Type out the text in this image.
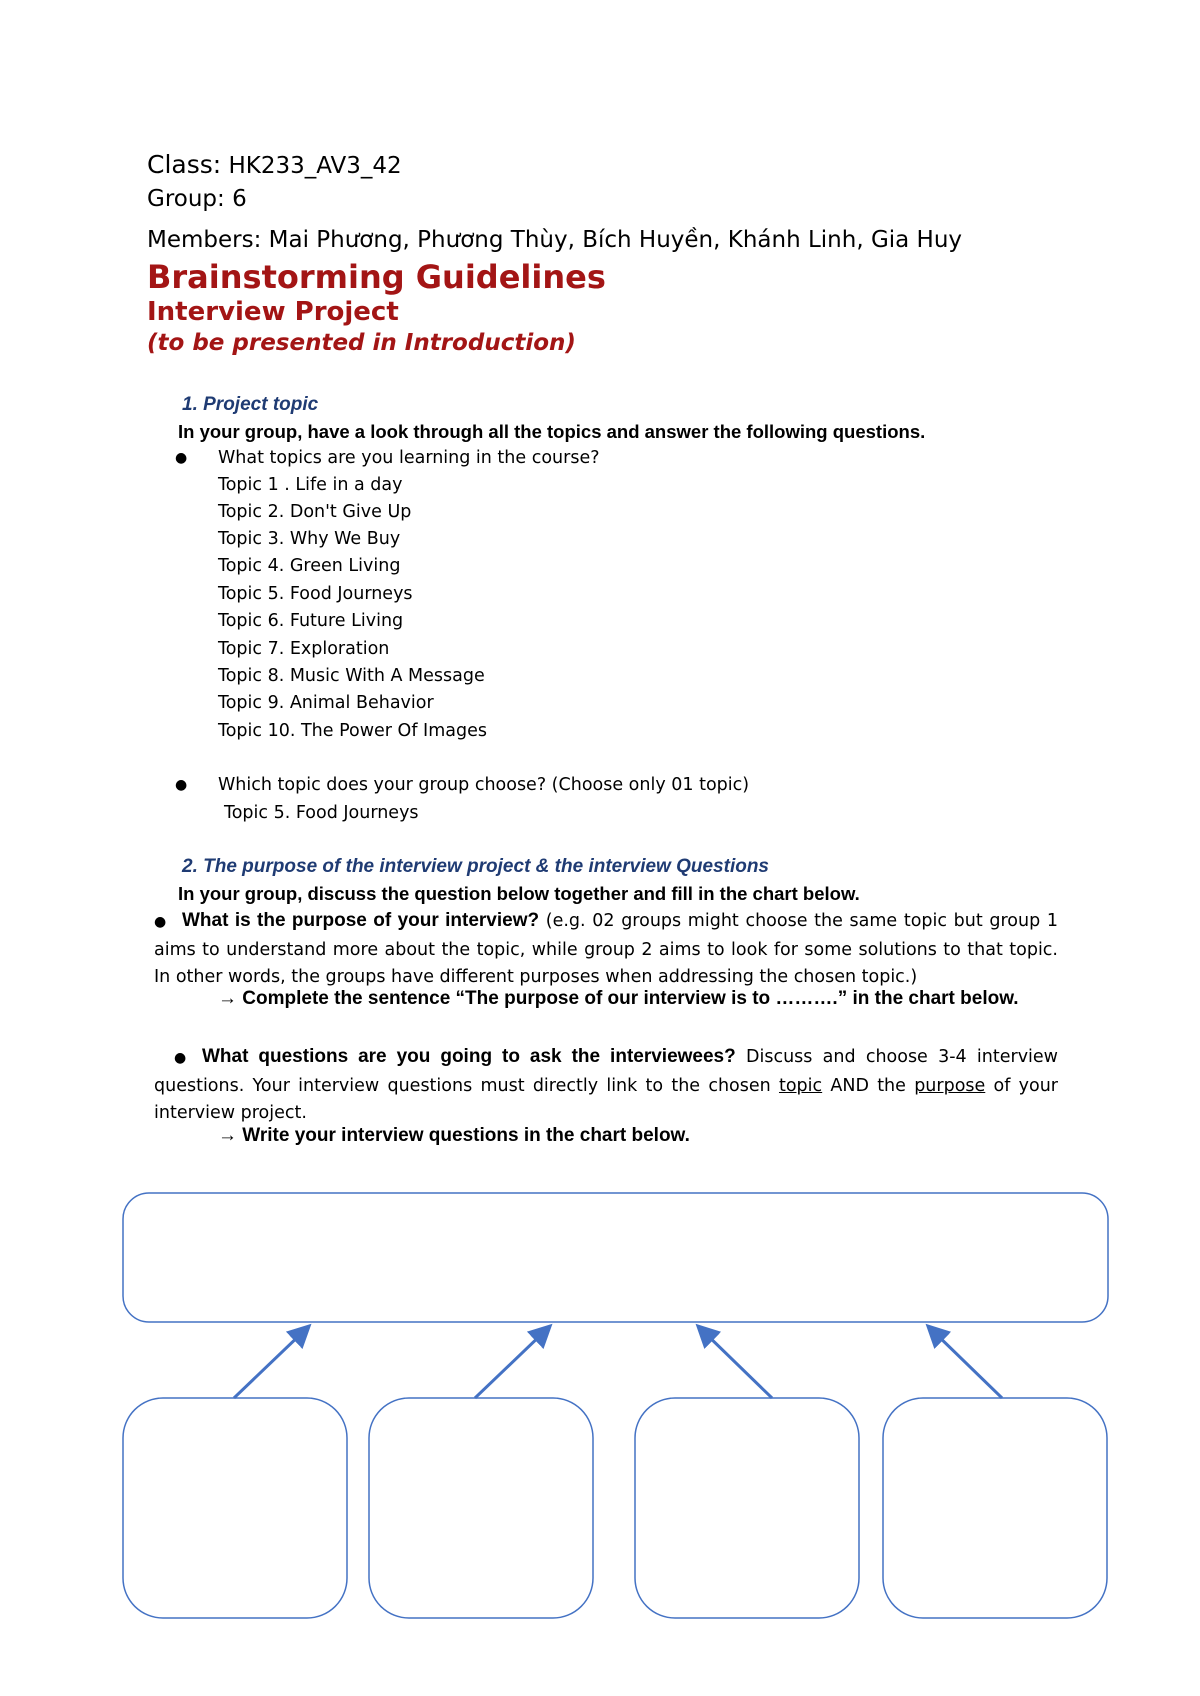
Class: HK233_AV3_42
Group: 6
Members: Mai Phương, Phương Thùy, Bích Huyền, Khánh Linh, Gia Huy
Brainstorming Guidelines
Interview Project
(to be presented in Introduction)
1. Project topic
In your group, have a look through all the topics and answer the following questions.
● What topics are you learning in the course?
Topic 1 . Life in a day
Topic 2. Don't Give Up
Topic 3. Why We Buy
Topic 4. Green Living
Topic 5. Food Journeys
Topic 6. Future Living
Topic 7. Exploration
Topic 8. Music With A Message
Topic 9. Animal Behavior
Topic 10. The Power Of Images
● Which topic does your group choose? (Choose only 01 topic)
Topic 5. Food Journeys
2. The purpose of the interview project & the interview Questions
In your group, discuss the question below together and fill in the chart below.
● What is the purpose of your interview? (e.g. 02 groups might choose the same topic but group 1 aims to understand more about the topic, while group 2 aims to look for some solutions to that topic. In other words, the groups have different purposes when addressing the chosen topic.)
→ Complete the sentence “The purpose of our interview is to ……….” in the chart below.
● What questions are you going to ask the interviewees? Discuss and choose 3-4 interview questions. Your interview questions must directly link to the chosen topic AND the purpose of your interview project.
→ Write your interview questions in the chart below.
